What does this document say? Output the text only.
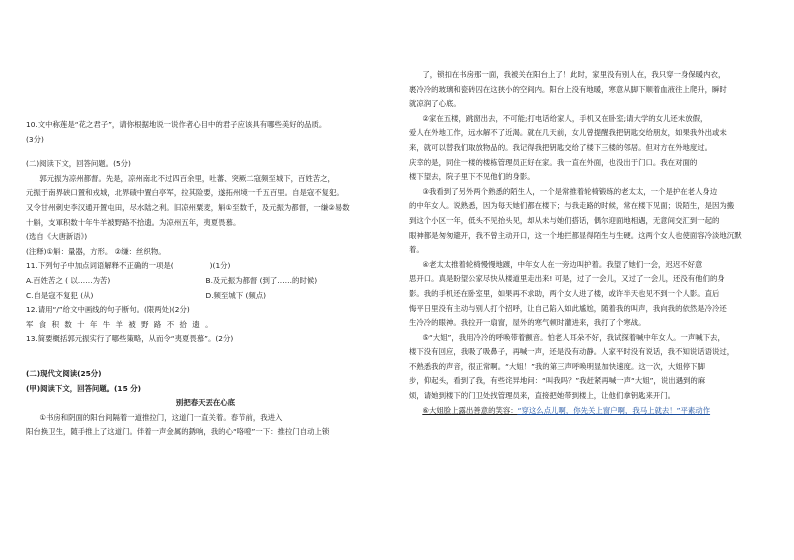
10.文中称莲是“花之君子”，请你根据地说一说作者心目中的君子应该具有哪些美好的品质。

(3分)

(二)阅读下文，回答问题。(5分)

郭元振为凉州都督。先是，凉州南北不过四百余里，吐蕃、突厥二寇频至城下，百姓苦之，

元振于南界硖口置和戎城，北界碛中置白亭军，拉其险要，遂拓州境一千五百里。自是寇不复犯。

又令甘州刺史李汉通开置屯田，尽水陆之利。旧凉州粟麦，斛①至数千，及元振为都督，一缣②易数

十斛，支軍积数十年牛羊被野路不拾遗。为凉州五年，夷夏畏慕。

(选自《大唐新语》)

(注释)①斛：量器，方形。 ②缣：丝织物。

11.下列句子中加点词语解释不正确的一项是(	)(1分)

A.百姓苦之 ( 以……为苦)	B.及元振为都督 (到了……的时候)
C.自是寇不复犯 (从)	D.频至城下 (频点)

12.请用“/”给文中画线的句子断句。(限两处)(2分)

军食积数十年牛羊被野路不拾遗。

13.简要概括郭元振实行了哪些策略，从而令“夷夏畏慕”。(2分)

(二)现代文阅读(25分)

(甲)阅读下文，回答问题。(15 分)

别把春天丟在心底

①书房和阴面的阳台间隔着一道推拉门，这道门一直关着。春节前，我进入

阳台换卫生，随手推上了这道门。伴着一声金属的銹响，我的心“咯噔”一下：推拉门自动上锁

了，锁扣在书房那一面，我被关在阳台上了！此时，家里没有别人在，我只穿一身保暖内衣，

裹冷冷的玻璃和瓷砖囚在这狭小的空间内。阳台上没有地暖，寒意从脚下顺着血液往上爬升，瞬时

就凉润了心底。

②家在五楼，跳窗出去，不可能;打电话给家人，手机又在卧室;请大学的女儿还未放假，

爱人在外地工作，远水解不了近渴。就在几天前，女儿曾提醒我把钥匙交给朋友，如果我外出或未

来，就可以替我们取放物品的。我记得我把钥匙交给了楼下三楼的邻居。但对方在外地度过。

庆幸的是，同住一楼的楼栋管理员正好在家。我一直在外面，也没出于门口。我在对面的

楼下望去，院子里下不见他们的身影。

③我看到了另外两个熟悉的陌生人，一个是常推着轮椅锻练的老太太，一个是护在老人身边

的中年女人。说熟悉，因为每天她们都在楼下；与我走路的时候，常在楼下见面；说陌生，是因为搬

到这个小区一年，低头不见抬头见，却从未与她们搭话，偶尔迎面地相遇，无意间交汇到一起的

眼神都是匆匆避开，我不曾主动开口，这一个地拦都显得陌生与生硬。这两个女人也使面容冷淡地沉默

着。

④老太太推着轮椅慢慢地踱，中年女人在一旁边叫护着。我望了她们一会，迟迟不好意

思开口。真是盼望公家尽快从楼道里走出来! 可是，过了一会儿，又过了一会儿，还没有他们的身

影。我的手机还在卧室里，如果再不求助，两个女人进了楼，或许半天也见不到一个人影。直后

悔平日里没有主动与别人打个招呼，让自己陷入如此尴尬，随着我的叫声，我向我的依然是冷冷还

生冷冷的眼神。我拉开一扇窗，屋外的寒气顿时灌进来，我打了个寒战。

⑤“大姐”，我用冷冷的呼唤带着颤音。怕老人耳朵不好，我试探着喊中年女人。一声喊下去，

楼下没有回应，我吸了吸鼻子，再喊一声，还是没有动静。人家平时没有说话，我不知说话语说过，

不熟悉我的声音，很正常啊。“大姐！”我的第三声呼唤明显加快速度。这一次，大姐停下脚

步，仰起头，看到了我，有些诧异地问：“叫我吗？”我赶紧再喊一声“大姐”，说出遇到的麻

烦，请她到楼下的门卫处找管理员来，直接把她带到楼上，让他们拿钥匙来开门。

⑥大姐脸上露出善意的笑容：“穿这么点儿啊，你先关上窗户啊，我马上就去！”平素动作
